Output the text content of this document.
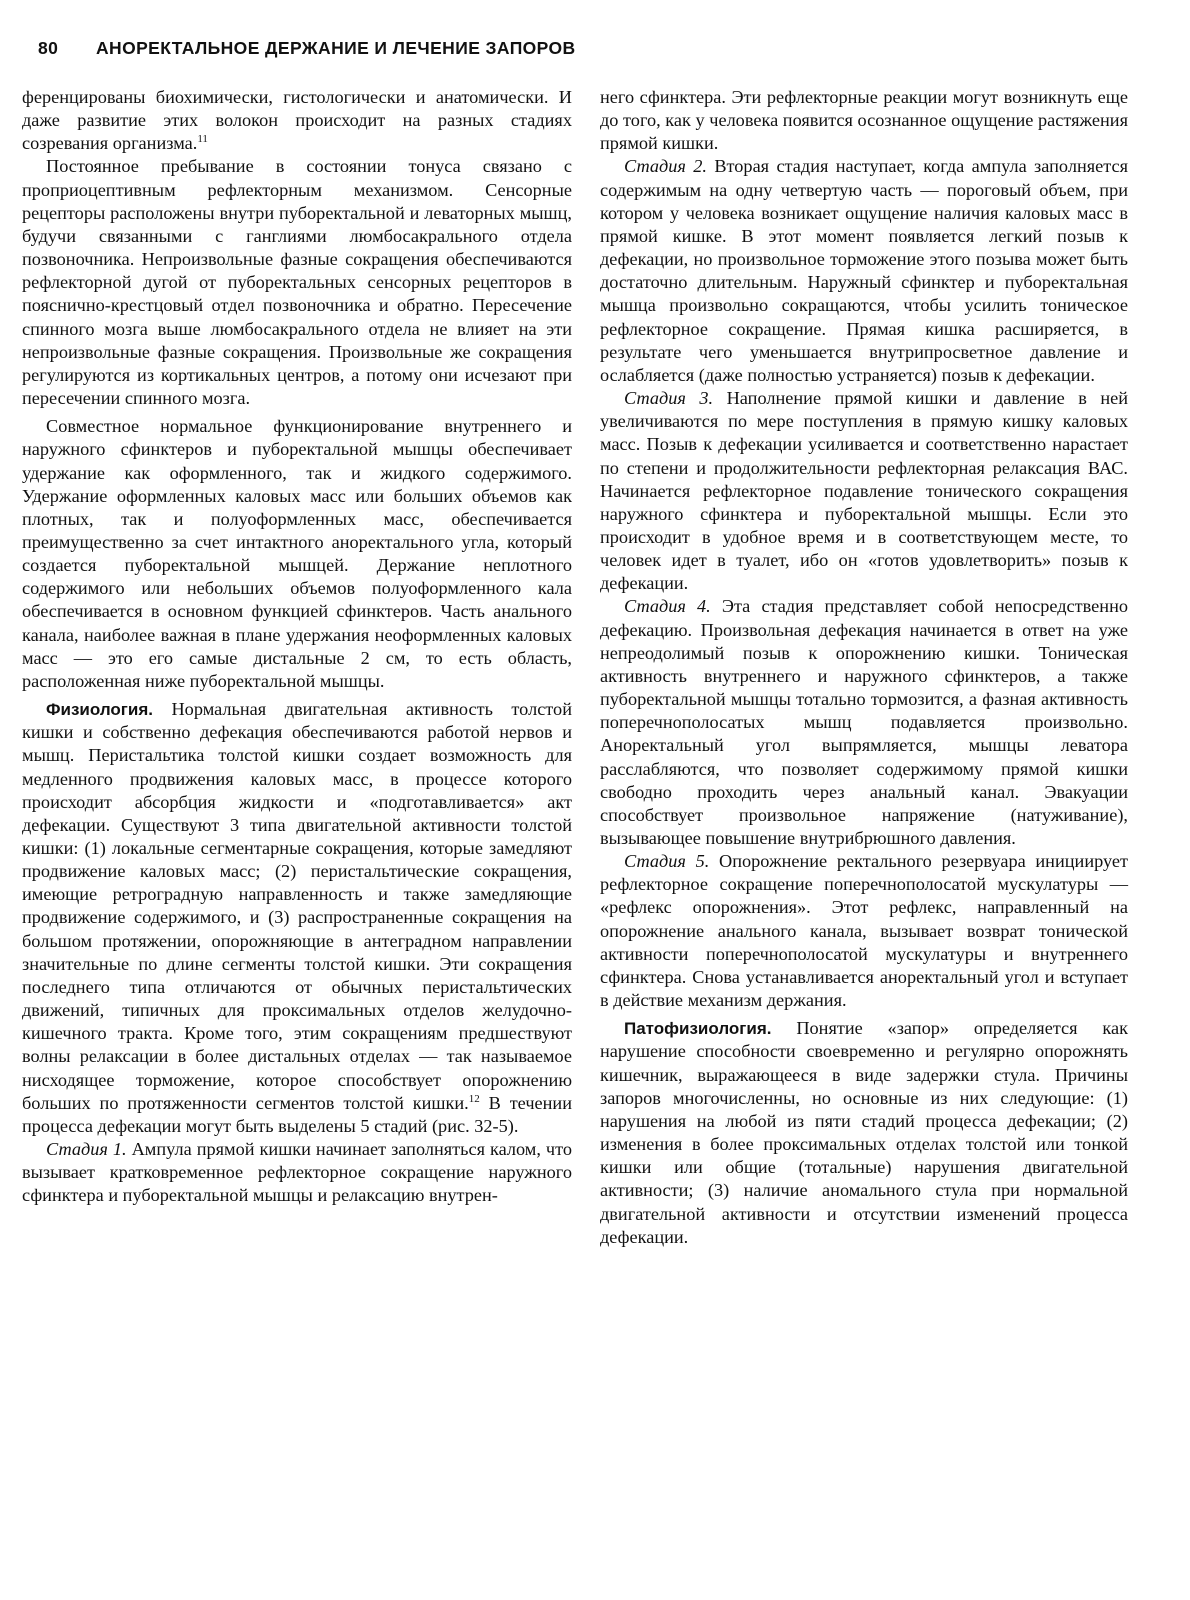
80 АНОРЕКТАЛЬНОЕ ДЕРЖАНИЕ И ЛЕЧЕНИЕ ЗАПОРОВ

ференцированы биохимически, гистологически и анатомически. И даже развитие этих волокон происходит на разных стадиях созревания организма.$^{11}$

Постоянное пребывание в состоянии тонуса связано с проприоцептивным рефлекторным механизмом. Сенсорные рецепторы расположены внутри пуборектальной и леваторных мышц, будучи связанными с ганглиями люмбосакрального отдела позвоночника. Непроизвольные фазные сокращения обеспечиваются рефлекторной дугой от пуборектальных сенсорных рецепторов в пояснично-крестцовый отдел позвоночника и обратно. Пересечение спинного мозга выше люмбосакрального отдела не влияет на эти непроизвольные фазные сокращения. Произвольные же сокращения регулируются из кортикальных центров, а потому они исчезают при пересечении спинного мозга.

Совместное нормальное функционирование внутреннего и наружного сфинктеров и пуборектальной мышцы обеспечивает удержание как оформленного, так и жидкого содержимого. Удержание оформленных каловых масс или больших объемов как плотных, так и полуоформленных масс, обеспечивается преимущественно за счет интактного аноректального угла, который создается пуборектальной мышцей. Держание неплотного содержимого или небольших объемов полуоформленного кала обеспечивается в основном функцией сфинктеров. Часть анального канала, наиболее важная в плане удержания неоформленных каловых масс — это его самые дистальные 2 см, то есть область, расположенная ниже пуборектальной мышцы.

Физиология. Нормальная двигательная активность толстой кишки и собственно дефекация обеспечиваются работой нервов и мышц. Перистальтика толстой кишки создает возможность для медленного продвижения каловых масс, в процессе которого происходит абсорбция жидкости и «подготавливается» акт дефекации. Существуют 3 типа двигательной активности толстой кишки: (1) локальные сегментарные сокращения, которые замедляют продвижение каловых масс; (2) перистальтические сокращения, имеющие ретроградную направленность и также замедляющие продвижение содержимого, и (3) распространенные сокращения на большом протяжении, опорожняющие в антеградном направлении значительные по длине сегменты толстой кишки. Эти сокращения последнего типа отличаются от обычных перистальтических движений, типичных для проксимальных отделов желудочно-кишечного тракта. Кроме того, этим сокращениям предшествуют волны релаксации в более дистальных отделах — так называемое нисходящее торможение, которое способствует опорожнению больших по протяженности сегментов толстой кишки.$^{12}$ В течении процесса дефекации могут быть выделены 5 стадий (рис. 32-5).

Стадия 1. Ампула прямой кишки начинает заполняться калом, что вызывает кратковременное рефлекторное сокращение наружного сфинктера и пуборектальной мышцы и релаксацию внутрен-

него сфинктера. Эти рефлекторные реакции могут возникнуть еще до того, как у человека появится осознанное ощущение растяжения прямой кишки.

Стадия 2. Вторая стадия наступает, когда ампула заполняется содержимым на одну четвертую часть — пороговый объем, при котором у человека возникает ощущение наличия каловых масс в прямой кишке. В этот момент появляется легкий позыв к дефекации, но произвольное торможение этого позыва может быть достаточно длительным. Наружный сфинктер и пуборектальная мышца произвольно сокращаются, чтобы усилить тоническое рефлекторное сокращение. Прямая кишка расширяется, в результате чего уменьшается внутрипросветное давление и ослабляется (даже полностью устраняется) позыв к дефекации.

Стадия 3. Наполнение прямой кишки и давление в ней увеличиваются по мере поступления в прямую кишку каловых масс. Позыв к дефекации усиливается и соответственно нарастает по степени и продолжительности рефлекторная релаксация ВАС. Начинается рефлекторное подавление тонического сокращения наружного сфинктера и пуборектальной мышцы. Если это происходит в удобное время и в соответствующем месте, то человек идет в туалет, ибо он «готов удовлетворить» позыв к дефекации.

Стадия 4. Эта стадия представляет собой непосредственно дефекацию. Произвольная дефекация начинается в ответ на уже непреодолимый позыв к опорожнению кишки. Тоническая активность внутреннего и наружного сфинктеров, а также пуборектальной мышцы тотально тормозится, а фазная активность поперечнополосатых мышц подавляется произвольно. Аноректальный угол выпрямляется, мышцы леватора расслабляются, что позволяет содержимому прямой кишки свободно проходить через анальный канал. Эвакуации способствует произвольное напряжение (натуживание), вызывающее повышение внутрибрюшного давления.

Стадия 5. Опорожнение ректального резервуара инициирует рефлекторное сокращение поперечнополосатой мускулатуры — «рефлекс опорожнения». Этот рефлекс, направленный на опорожнение анального канала, вызывает возврат тонической активности поперечнополосатой мускулатуры и внутреннего сфинктера. Снова устанавливается аноректальный угол и вступает в действие механизм держания.

Патофизиология. Понятие «запор» определяется как нарушение способности своевременно и регулярно опорожнять кишечник, выражающееся в виде задержки стула. Причины запоров многочисленны, но основные из них следующие: (1) нарушения на любой из пяти стадий процесса дефекации; (2) изменения в более проксимальных отделах толстой или тонкой кишки или общие (тотальные) нарушения двигательной активности; (3) наличие аномального стула при нормальной двигательной активности и отсутствии изменений процесса дефекации.
